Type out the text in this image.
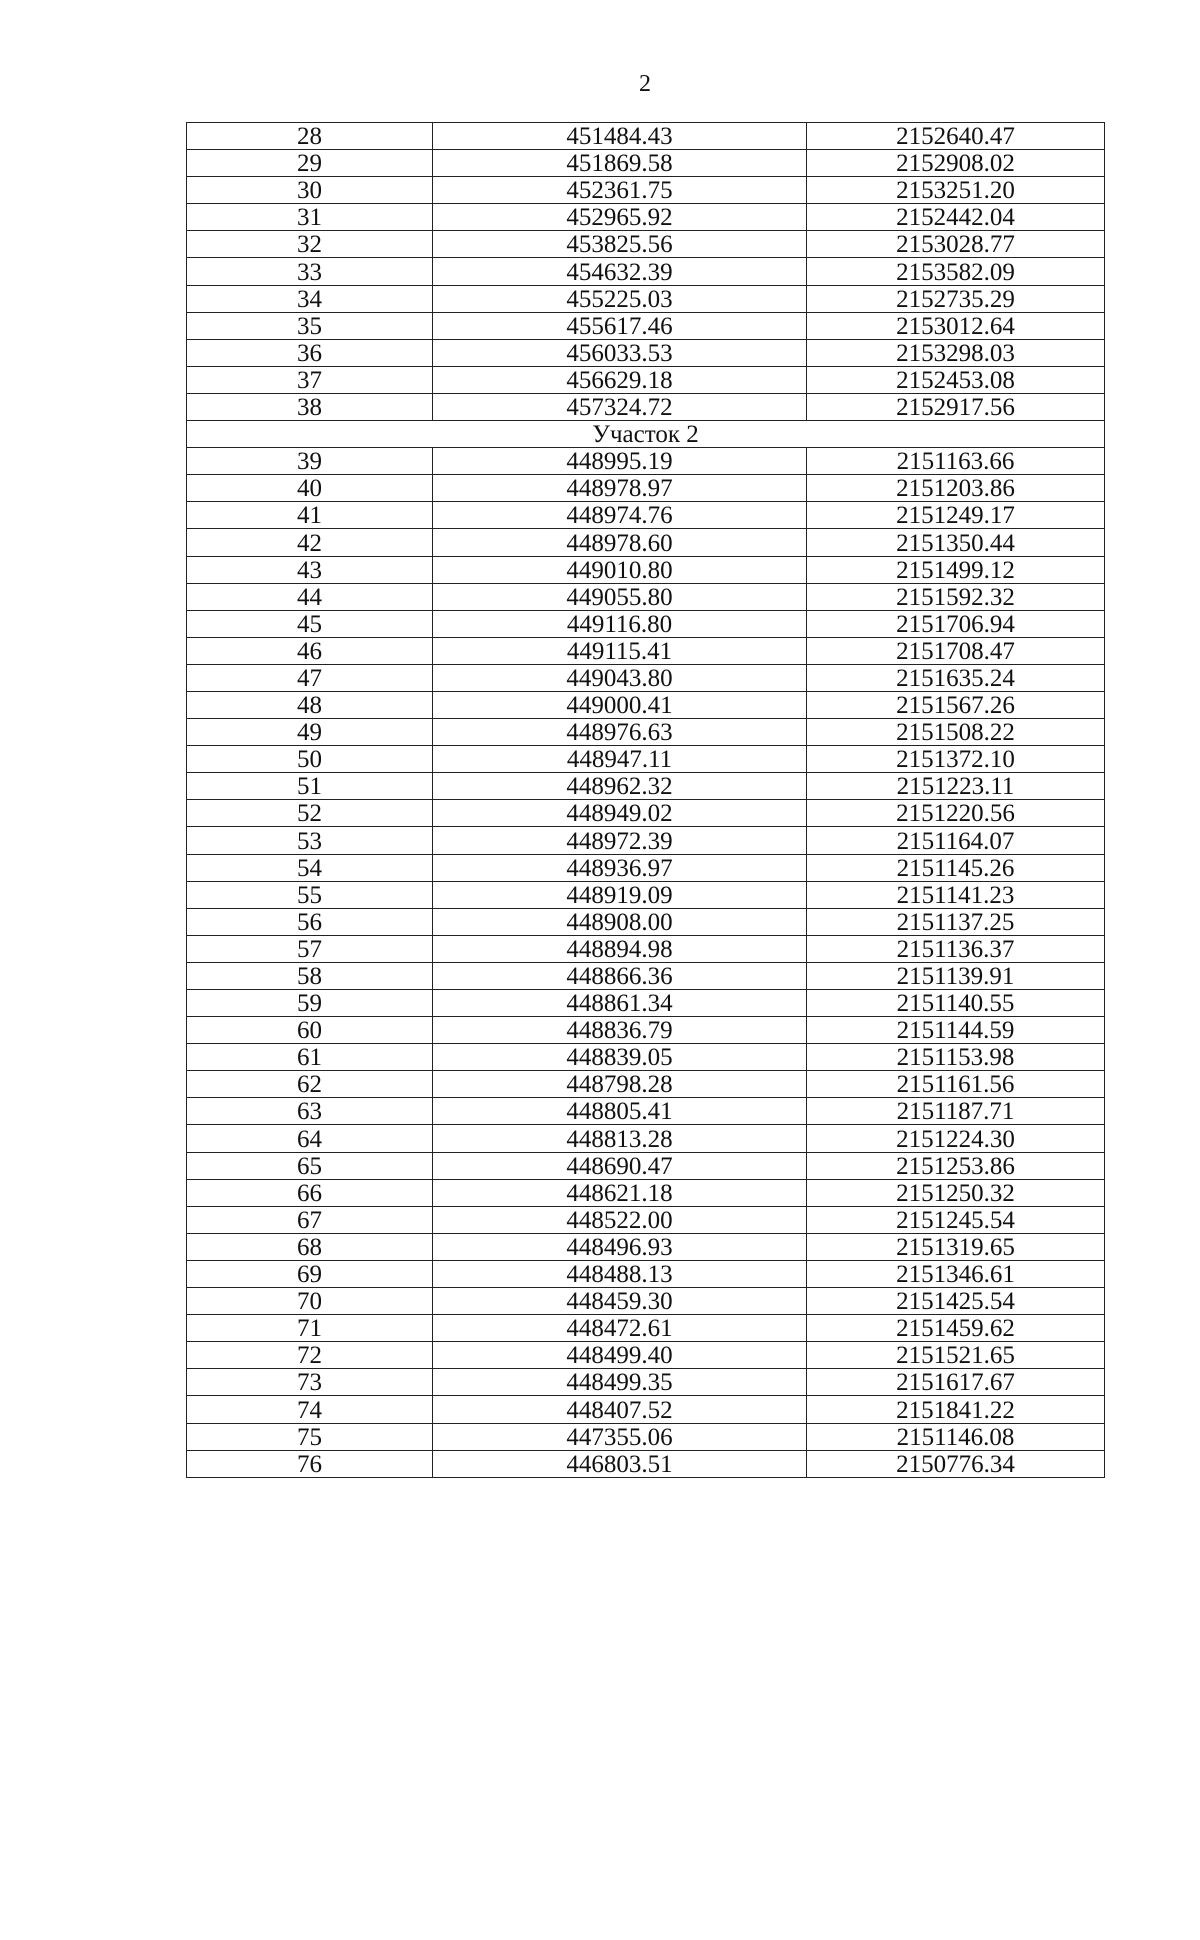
2
28	451484.43	2152640.47
29	451869.58	2152908.02
30	452361.75	2153251.20
31	452965.92	2152442.04
32	453825.56	2153028.77
33	454632.39	2153582.09
34	455225.03	2152735.29
35	455617.46	2153012.64
36	456033.53	2153298.03
37	456629.18	2152453.08
38	457324.72	2152917.56
Участок 2		
39	448995.19	2151163.66
40	448978.97	2151203.86
41	448974.76	2151249.17
42	448978.60	2151350.44
43	449010.80	2151499.12
44	449055.80	2151592.32
45	449116.80	2151706.94
46	449115.41	2151708.47
47	449043.80	2151635.24
48	449000.41	2151567.26
49	448976.63	2151508.22
50	448947.11	2151372.10
51	448962.32	2151223.11
52	448949.02	2151220.56
53	448972.39	2151164.07
54	448936.97	2151145.26
55	448919.09	2151141.23
56	448908.00	2151137.25
57	448894.98	2151136.37
58	448866.36	2151139.91
59	448861.34	2151140.55
60	448836.79	2151144.59
61	448839.05	2151153.98
62	448798.28	2151161.56
63	448805.41	2151187.71
64	448813.28	2151224.30
65	448690.47	2151253.86
66	448621.18	2151250.32
67	448522.00	2151245.54
68	448496.93	2151319.65
69	448488.13	2151346.61
70	448459.30	2151425.54
71	448472.61	2151459.62
72	448499.40	2151521.65
73	448499.35	2151617.67
74	448407.52	2151841.22
75	447355.06	2151146.08
76	446803.51	2150776.34
